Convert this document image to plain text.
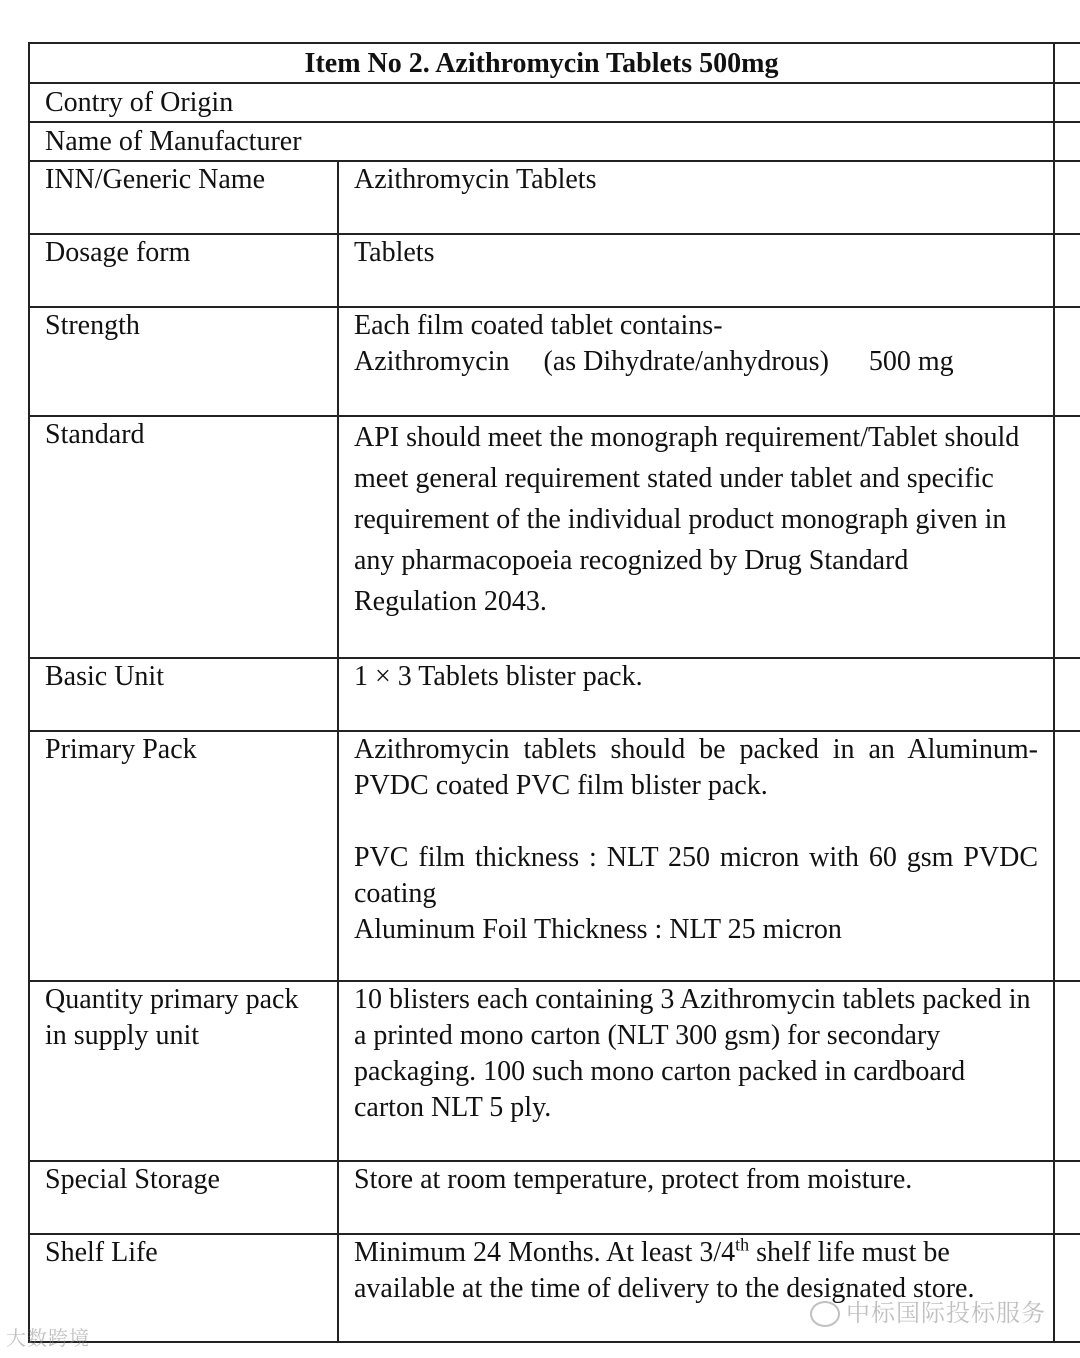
Item No 2. Azithromycin Tablets 500mg		
Contry of Origin		
Name of Manufacturer		
INN/Generic Name	Azithromycin Tablets	
Dosage form	Tablets	
Strength	Each film coated tablet contains-
Azithromycin (as Dihydrate/anhydrous) 500 mg	

Standard	API should meet the monograph requirement/Tablet should meet general requirement stated under tablet and specific requirement of the individual product monograph given in any pharmacopoeia recognized by Drug Standard Regulation 2043.	
Basic Unit	1 × 3 Tablets blister pack.	
Primary Pack	Azithromycin tablets should be packed in an Aluminum-PVDC coated PVC film blister pack.
PVC film thickness : NLT 250 micron with 60 gsm PVDC coating
Aluminum Foil Thickness : NLT 25 micron	

Quantity primary pack in supply unit	10 blisters each containing 3 Azithromycin tablets packed in a printed mono carton (NLT 300 gsm) for secondary packaging. 100 such mono carton packed in cardboard carton NLT 5 ply.	
Special Storage	Store at room temperature, protect from moisture.	
Shelf Life	Minimum 24 Months. At least 3/4th shelf life must be available at the time of delivery to the designated store.	
中标国际投标服务
大数跨境
